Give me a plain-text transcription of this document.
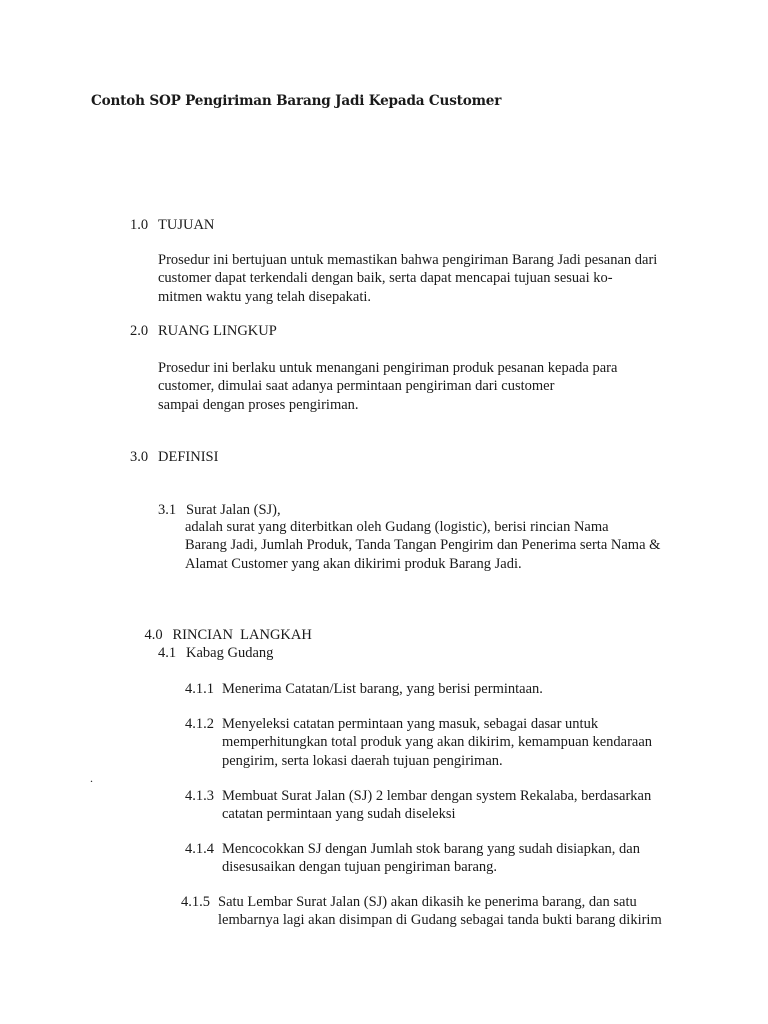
Contoh SOP Pengiriman Barang Jadi Kepada Customer
1.0 TUJUAN
Prosedur ini bertujuan untuk memastikan bahwa pengiriman Barang Jadi pesanan dari
customer dapat terkendali dengan baik, serta dapat mencapai tujuan sesuai ko-
mitmen waktu yang telah disepakati.
2.0 RUANG LINGKUP
Prosedur ini berlaku untuk menangani pengiriman produk pesanan kepada para
customer, dimulai saat adanya permintaan pengiriman dari customer
sampai dengan proses pengiriman.
3.0 DEFINISI
3.1 Surat Jalan (SJ),
adalah surat yang diterbitkan oleh Gudang (logistic), berisi rincian Nama
Barang Jadi, Jumlah Produk, Tanda Tangan Pengirim dan Penerima serta Nama &
Alamat Customer yang akan dikirimi produk Barang Jadi.

4.0 RINCIAN  LANGKAH

4.1 Kabag Gudang
4.1.1 Menerima Catatan/List barang, yang berisi permintaan.
4.1.2 Menyeleksi catatan permintaan yang masuk, sebagai dasar untuk
memperhitungkan total produk yang akan dikirim, kemampuan kendaraan
pengirim, serta lokasi daerah tujuan pengiriman.
.
4.1.3 Membuat Surat Jalan (SJ) 2 lembar dengan system Rekalaba, berdasarkan
catatan permintaan yang sudah diseleksi
4.1.4 Mencocokkan SJ dengan Jumlah stok barang yang sudah disiapkan, dan
disesusaikan dengan tujuan pengiriman barang.
4.1.5 Satu Lembar Surat Jalan (SJ) akan dikasih ke penerima barang, dan satu
lembarnya lagi akan disimpan di Gudang sebagai tanda bukti barang dikirim
